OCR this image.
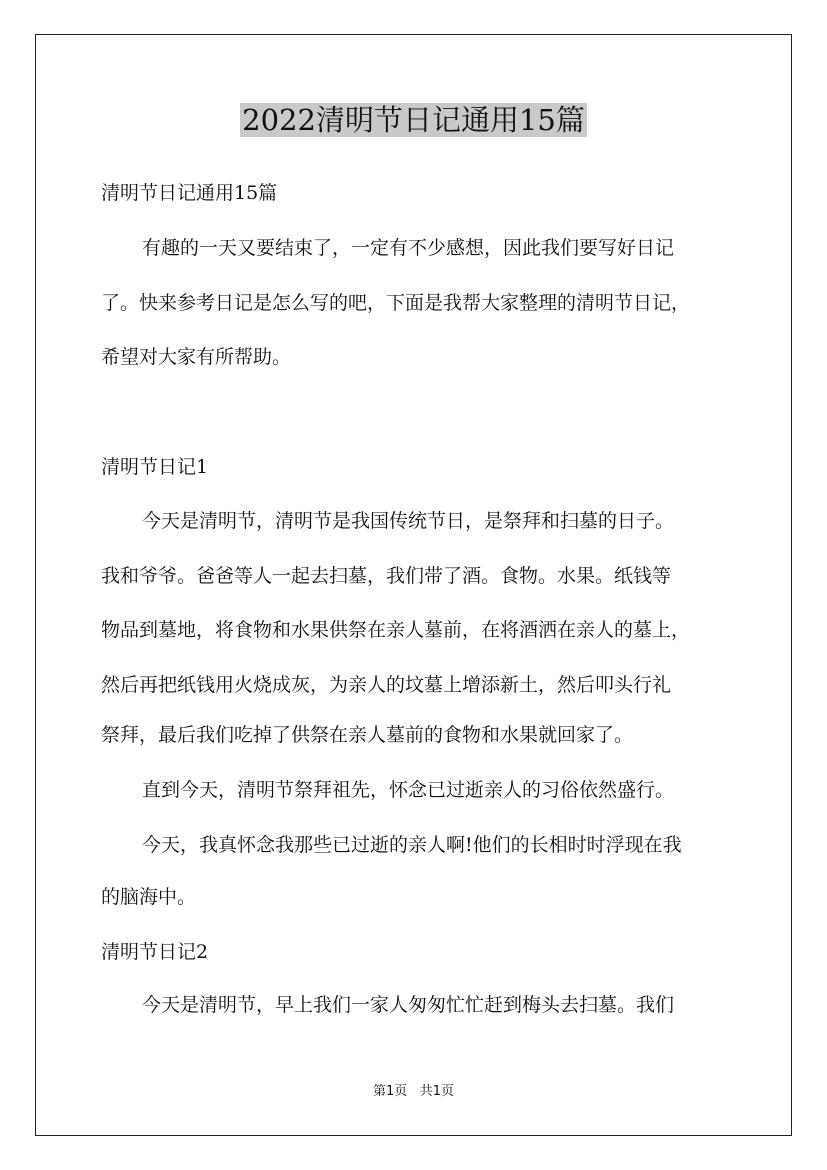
2022清明节日记通用15篇

清明节日记通用15篇

有趣的一天又要结束了，一定有不少感想，因此我们要写好日记

了。快来参考日记是怎么写的吧，下面是我帮大家整理的清明节日记，

希望对大家有所帮助。

清明节日记1

今天是清明节，清明节是我国传统节日，是祭拜和扫墓的日子。

我和爷爷。爸爸等人一起去扫墓，我们带了酒。食物。水果。纸钱等

物品到墓地，将食物和水果供祭在亲人墓前，在将酒洒在亲人的墓上，

然后再把纸钱用火烧成灰，为亲人的坟墓上增添新土，然后叩头行礼

祭拜，最后我们吃掉了供祭在亲人墓前的食物和水果就回家了。

直到今天，清明节祭拜祖先，怀念已过逝亲人的习俗依然盛行。

今天，我真怀念我那些已过逝的亲人啊!他们的长相时时浮现在我

的脑海中。

清明节日记2

今天是清明节，早上我们一家人匆匆忙忙赶到梅头去扫墓。我们

第1页 共1页
